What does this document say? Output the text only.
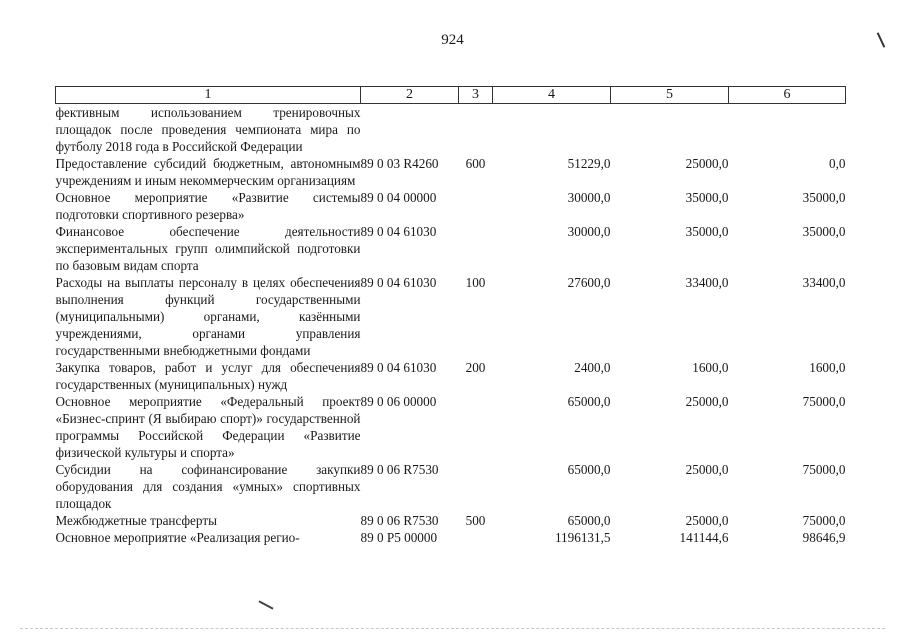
924
1	2	3	4	5	6
фективным использованием тренировочных площадок после проведения чемпионата мира по футболу 2018 года в Российской Федерации					
Предоставление субсидий бюджетным, автономным учреждениям и иным некоммерческим организациям	89 0 03 R4260	600	51229,0	25000,0	0,0
Основное мероприятие «Развитие системы подготовки спортивного резерва»	89 0 04 00000		30000,0	35000,0	35000,0
Финансовое обеспечение деятельности экспериментальных групп олимпийской подготовки по базовым видам спорта	89 0 04 61030		30000,0	35000,0	35000,0
Расходы на выплаты персоналу в целях обеспечения выполнения функций государственными (муниципальными) органами, казёнными учреждениями, органами управления государственными внебюджетными фондами	89 0 04 61030	100	27600,0	33400,0	33400,0
Закупка товаров, работ и услуг для обеспечения государственных (муниципальных) нужд	89 0 04 61030	200	2400,0	1600,0	1600,0
Основное мероприятие «Федеральный проект «Бизнес-спринт (Я выбираю спорт)» государственной программы Российской Федерации «Развитие физической культуры и спорта»	89 0 06 00000		65000,0	25000,0	75000,0
Субсидии на софинансирование закупки оборудования для создания «умных» спортивных площадок	89 0 06 R7530		65000,0	25000,0	75000,0
Межбюджетные трансферты	89 0 06 R7530	500	65000,0	25000,0	75000,0
Основное мероприятие «Реализация регио-	89 0 P5 00000		1196131,5	141144,6	98646,9
